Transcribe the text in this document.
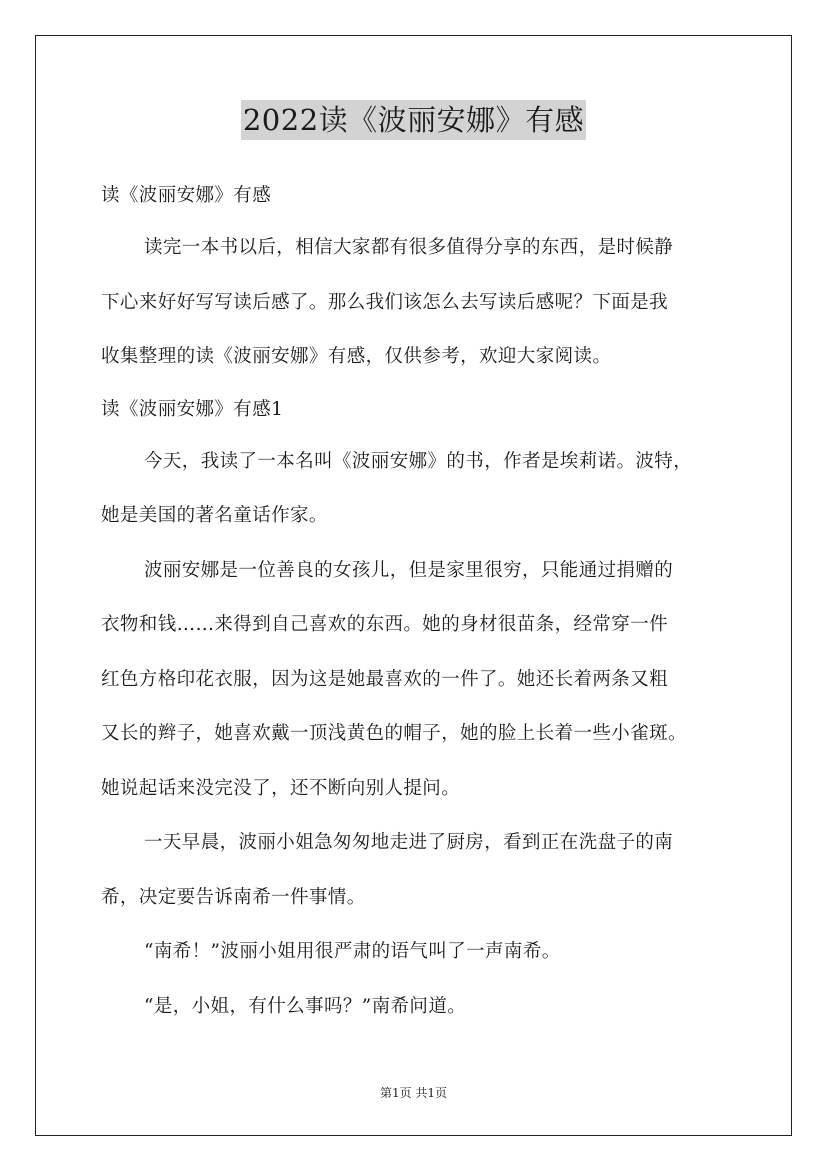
2022读《波丽安娜》有感
读《波丽安娜》有感
读完一本书以后，相信大家都有很多值得分享的东西，是时候静
下心来好好写写读后感了。那么我们该怎么去写读后感呢？下面是我
收集整理的读《波丽安娜》有感，仅供参考，欢迎大家阅读。
读《波丽安娜》有感1
今天，我读了一本名叫《波丽安娜》的书，作者是埃莉诺。波特，
她是美国的著名童话作家。
波丽安娜是一位善良的女孩儿，但是家里很穷，只能通过捐赠的
衣物和钱……来得到自己喜欢的东西。她的身材很苗条，经常穿一件
红色方格印花衣服，因为这是她最喜欢的一件了。她还长着两条又粗
又长的辫子，她喜欢戴一顶浅黄色的帽子，她的脸上长着一些小雀斑。
她说起话来没完没了，还不断向别人提问。
一天早晨，波丽小姐急匆匆地走进了厨房，看到正在洗盘子的南
希，决定要告诉南希一件事情。
“南希！”波丽小姐用很严肃的语气叫了一声南希。
“是，小姐，有什么事吗？”南希问道。
第1页 共1页
